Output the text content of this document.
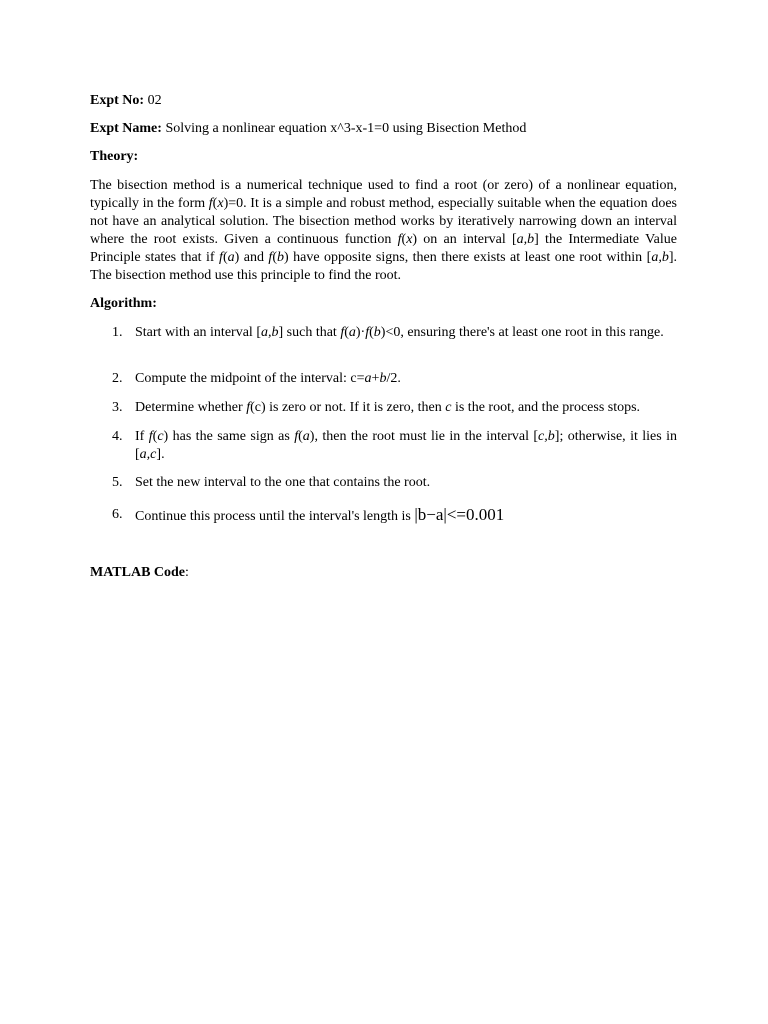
Expt No: 02
Expt Name: Solving a nonlinear equation x^3-x-1=0 using Bisection Method
Theory:
The bisection method is a numerical technique used to find a root (or zero) of a nonlinear equation, typically in the form f(x)=0. It is a simple and robust method, especially suitable when the equation does not have an analytical solution. The bisection method works by iteratively narrowing down an interval where the root exists. Given a continuous function f(x) on an interval [a,b] the Intermediate Value Principle states that if f(a) and f(b) have opposite signs, then there exists at least one root within [a,b]. The bisection method use this principle to find the root.
Algorithm:
1. Start with an interval [a,b] such that f(a)·f(b)<0, ensuring there's at least one root in this range.
2. Compute the midpoint of the interval: c=a+b/2.
3. Determine whether f(c) is zero or not. If it is zero, then c is the root, and the process stops.
4. If f(c) has the same sign as f(a), then the root must lie in the interval [c,b]; otherwise, it lies in [a,c].
5. Set the new interval to the one that contains the root.
6. Continue this process until the interval's length is |b−a|<=0.001
MATLAB Code:
